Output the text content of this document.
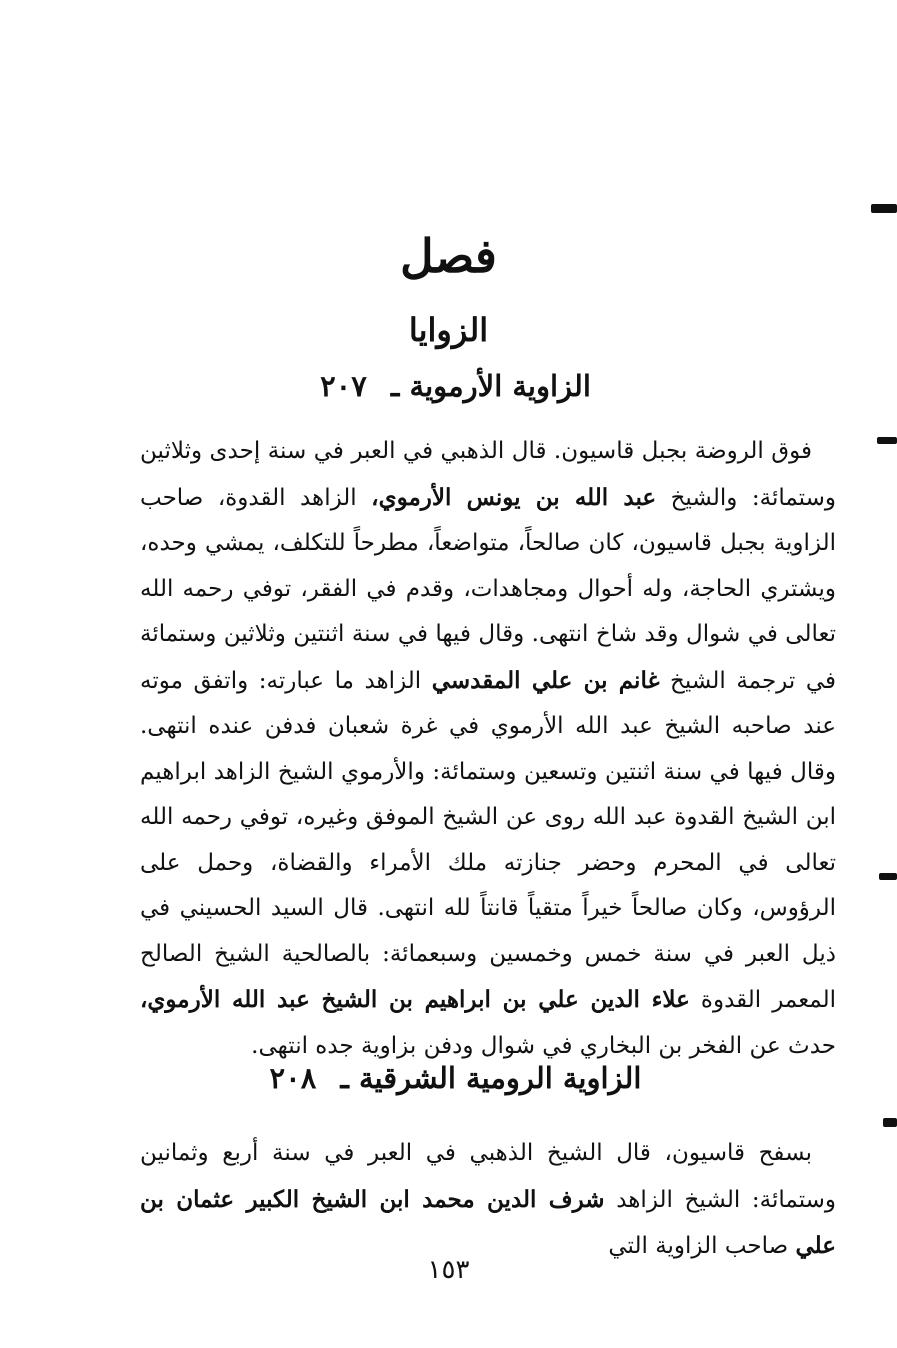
فصل
الزوايا
الزاوية الأرموية ـ ٢٠٧
فوق الروضة بجبل قاسيون. قال الذهبي في العبر في سنة إحدى وثلاثين وستمائة: والشيخ عبد الله بن يونس الأرموي، الزاهد القدوة، صاحب الزاوية بجبل قاسيون، كان صالحاً، متواضعاً، مطرحاً للتكلف، يمشي وحده، ويشتري الحاجة، وله أحوال ومجاهدات، وقدم في الفقر، توفي رحمه الله تعالى في شوال وقد شاخ انتهى. وقال فيها في سنة اثنتين وثلاثين وستمائة في ترجمة الشيخ غانم بن علي المقدسي الزاهد ما عبارته: واتفق موته عند صاحبه الشيخ عبد الله الأرموي في غرة شعبان فدفن عنده انتهى. وقال فيها في سنة اثنتين وتسعين وستمائة: والأرموي الشيخ الزاهد ابراهيم ابن الشيخ القدوة عبد الله روى عن الشيخ الموفق وغيره، توفي رحمه الله تعالى في المحرم وحضر جنازته ملك الأمراء والقضاة، وحمل على الرؤوس، وكان صالحاً خيراً متقياً قانتاً لله انتهى. قال السيد الحسيني في ذيل العبر في سنة خمس وخمسين وسبعمائة: بالصالحية الشيخ الصالح المعمر القدوة علاء الدين علي بن ابراهيم بن الشيخ عبد الله الأرموي، حدث عن الفخر بن البخاري في شوال ودفن بزاوية جده انتهى.
الزاوية الرومية الشرقية ـ ٢٠٨
بسفح قاسيون، قال الشيخ الذهبي في العبر في سنة أربع وثمانين وستمائة: الشيخ الزاهد شرف الدين محمد ابن الشيخ الكبير عثمان بن علي صاحب الزاوية التي
١٥٣
